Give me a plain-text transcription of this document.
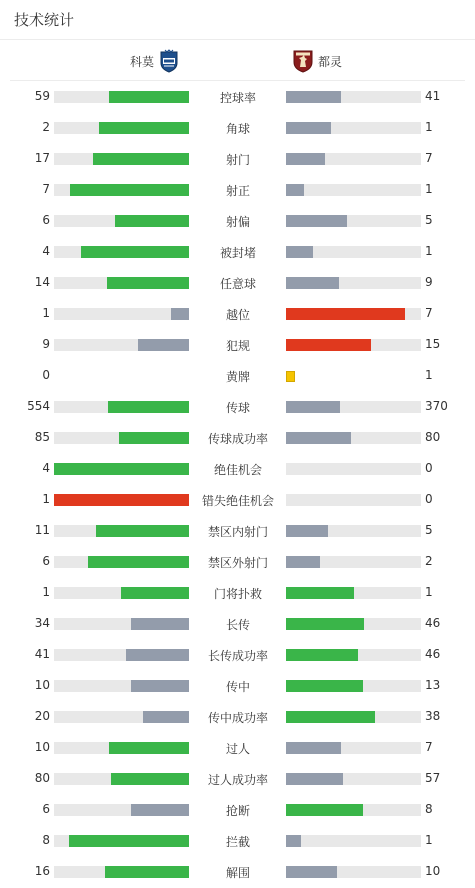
技术统计
科莫	都灵
59	控球率	41
2	角球	1
17	射门	7
7	射正	1
6	射偏	5
4	被封堵	1
14	任意球	9
1	越位	7
9	犯规	15
0	黄牌	1
554	传球	370
85	传球成功率	80
4	绝佳机会	0
1	错失绝佳机会	0
11	禁区内射门	5
6	禁区外射门	2
1	门将扑救	1
34	长传	46
41	长传成功率	46
10	传中	13
20	传中成功率	38
10	过人	7
80	过人成功率	57
6	抢断	8
8	拦截	1
16	解围	10
